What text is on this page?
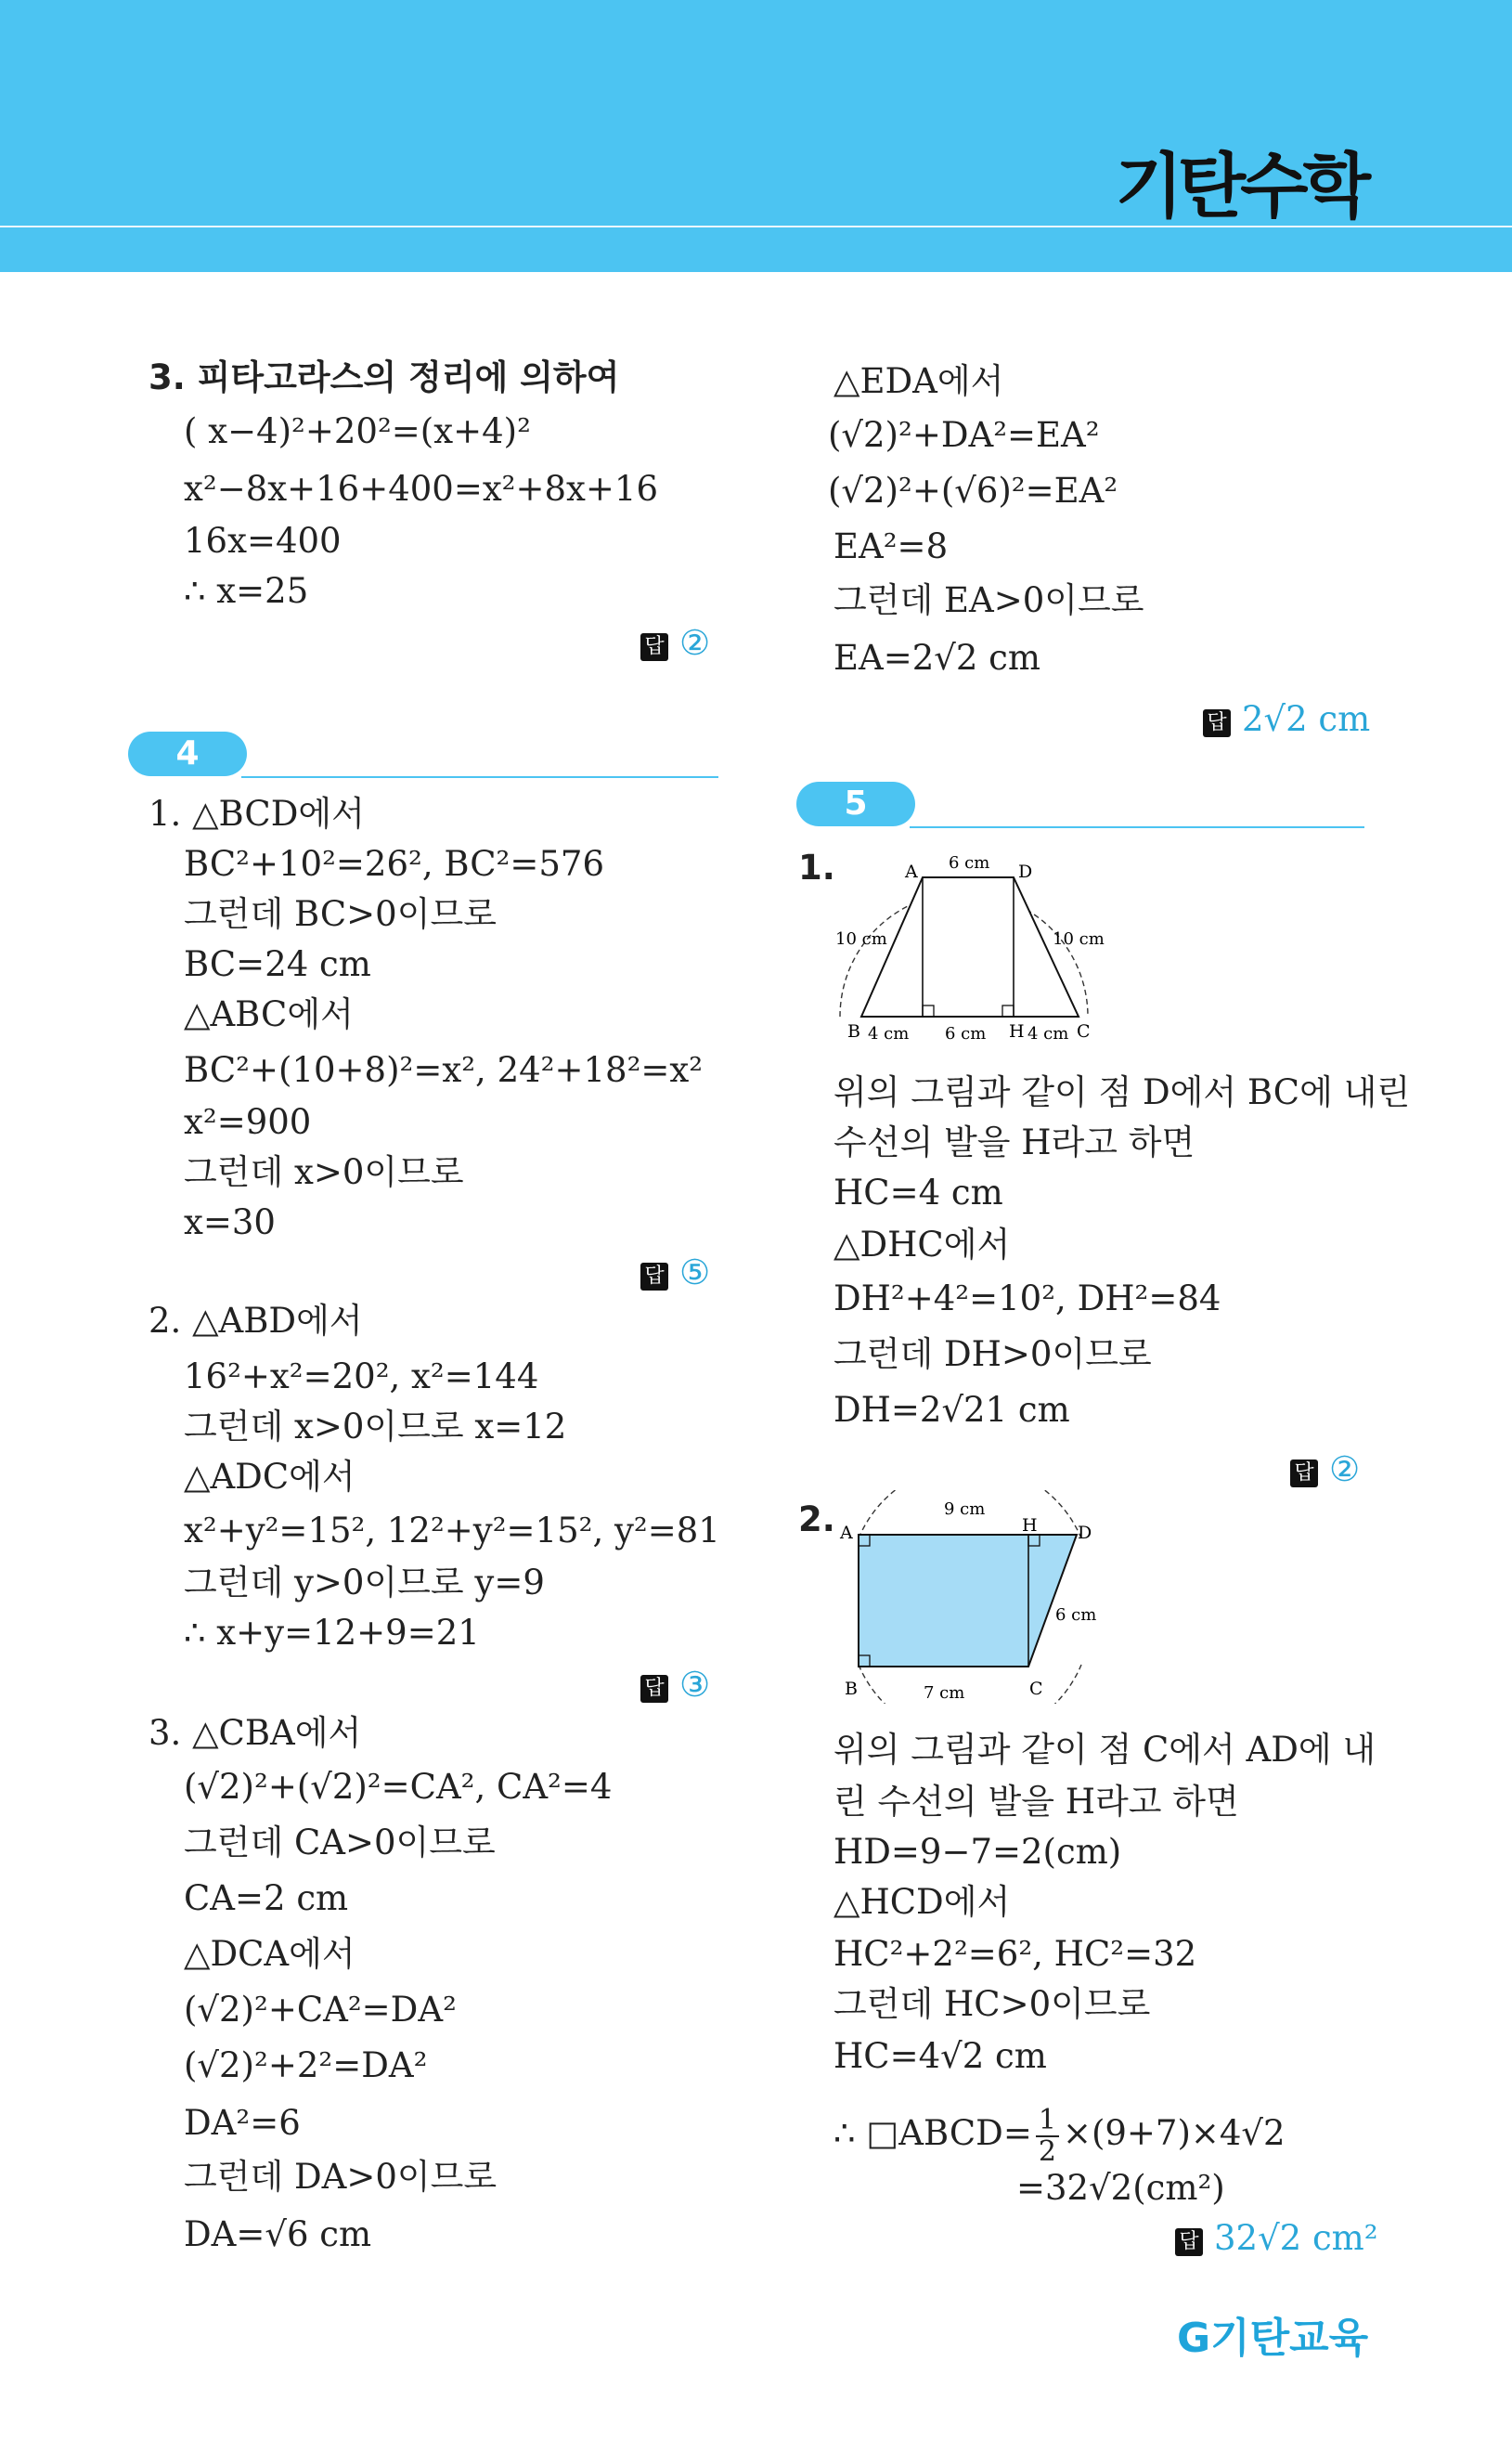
기탄수학
3. 피타고라스의 정리에 의하여
( x−4)²+20²=(x+4)²
x²−8x+16+400=x²+8x+16
16x=400
∴ x=25
답 ②
4
1. △BCD에서
BC²+10²=26², BC²=576
그런데 BC>0이므로
BC=24 cm
△ABC에서
BC²+(10+8)²=x², 24²+18²=x²
x²=900
그런데 x>0이므로
x=30
답 ⑤
2. △ABD에서
16²+x²=20², x²=144
그런데 x>0이므로 x=12
△ADC에서
x²+y²=15², 12²+y²=15², y²=81
그런데 y>0이므로 y=9
∴ x+y=12+9=21
답 ③
3. △CBA에서
(√2)²+(√2)²=CA², CA²=4
그런데 CA>0이므로
CA=2 cm
△DCA에서
(√2)²+CA²=DA²
(√2)²+2²=DA²
DA²=6
그런데 DA>0이므로
DA=√6 cm
△EDA에서
(√2)²+DA²=EA²
(√2)²+(√6)²=EA²
EA²=8
그런데 EA>0이므로
EA=2√2 cm
답 2√2 cm
5
1.	A	D
B	C
H
6 cm
10 cm	10 cm
4 cm 6 cm 4 cm
위의 그림과 같이 점 D에서 BC에 내린
수선의 발을 H라고 하면
HC=4 cm
△DHC에서
DH²+4²=10², DH²=84
그런데 DH>0이므로
DH=2√21 cm
답 ②
2. A	H D
B	C
9 cm
6 cm
7 cm
위의 그림과 같이 점 C에서 AD에 내
린 수선의 발을 H라고 하면
HD=9−7=2(cm)
△HCD에서
HC²+2²=6², HC²=32
그런데 HC>0이므로
HC=4√2 cm
∴ □ABCD= $\frac{1}{2} \times(9+7)\times 4√2$
=32√2(cm²)
답 32√2 cm²
G기탄교육
